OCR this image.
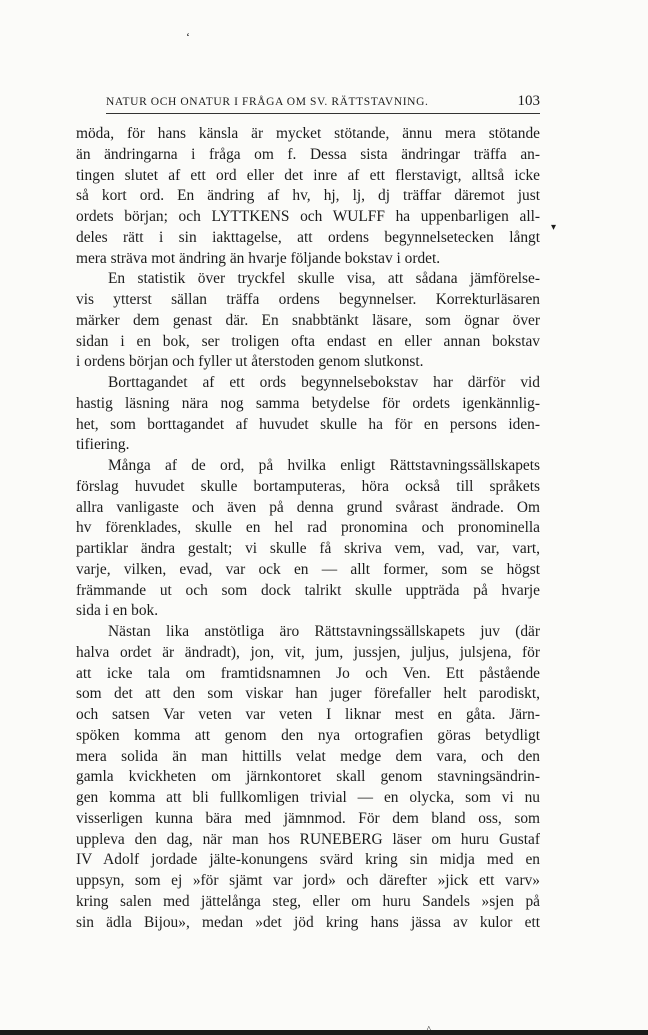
ʻ
NATUR OCH ONATUR I FRÅGA OM SV. RÄTTSTAVNING.	103
▾

möda, för hans känsla är mycket stötande, ännu mera stötande

än ändringarna i fråga om f. Dessa sista ändringar träffa an-

tingen slutet af ett ord eller det inre af ett flerstavigt, alltså icke

så kort ord. En ändring af hv, hj, lj, dj träffar däremot just

ordets början; och LYTTKENS och WULFF ha uppenbarligen all-

deles rätt i sin iakttagelse, att ordens begynnelsetecken långt

mera sträva mot ändring än hvarje följande bokstav i ordet.

En statistik över tryckfel skulle visa, att sådana jämförelse-

vis ytterst sällan träffa ordens begynnelser. Korrekturläsaren

märker dem genast där. En snabbtänkt läsare, som ögnar över

sidan i en bok, ser troligen ofta endast en eller annan bokstav

i ordens början och fyller ut återstoden genom slutkonst.

Borttagandet af ett ords begynnelsebokstav har därför vid

hastig läsning nära nog samma betydelse för ordets igenkännlig-

het, som borttagandet af huvudet skulle ha för en persons iden-

tifiering.

Många af de ord, på hvilka enligt Rättstavningssällskapets

förslag huvudet skulle bortamputeras, höra också till språkets

allra vanligaste och även på denna grund svårast ändrade. Om

hv förenklades, skulle en hel rad pronomina och pronominella

partiklar ändra gestalt; vi skulle få skriva vem, vad, var, vart,

varje, vilken, evad, var ock en — allt former, som se högst

främmande ut och som dock talrikt skulle uppträda på hvarje

sida i en bok.

Nästan lika anstötliga äro Rättstavningssällskapets juv (där

halva ordet är ändradt), jon, vit, jum, jussjen, juljus, julsjena, för

att icke tala om framtidsnamnen Jo och Ven. Ett påstående

som det att den som viskar han juger förefaller helt parodiskt,

och satsen Var veten var veten I liknar mest en gåta. Järn-

spöken komma att genom den nya ortografien göras betydligt

mera solida än man hittills velat medge dem vara, och den

gamla kvickheten om järnkontoret skall genom stavningsändrin-

gen komma att bli fullkomligen trivial — en olycka, som vi nu

visserligen kunna bära med jämnmod. För dem bland oss, som

uppleva den dag, när man hos RUNEBERG läser om huru Gustaf

IV Adolf jordade jälte-konungens svärd kring sin midja med en

uppsyn, som ej »för sjämt var jord» och därefter »jick ett varv»

kring salen med jättelånga steg, eller om huru Sandels »sjen på

sin ädla Bijou», medan »det jöd kring hans jässa av kulor ett
